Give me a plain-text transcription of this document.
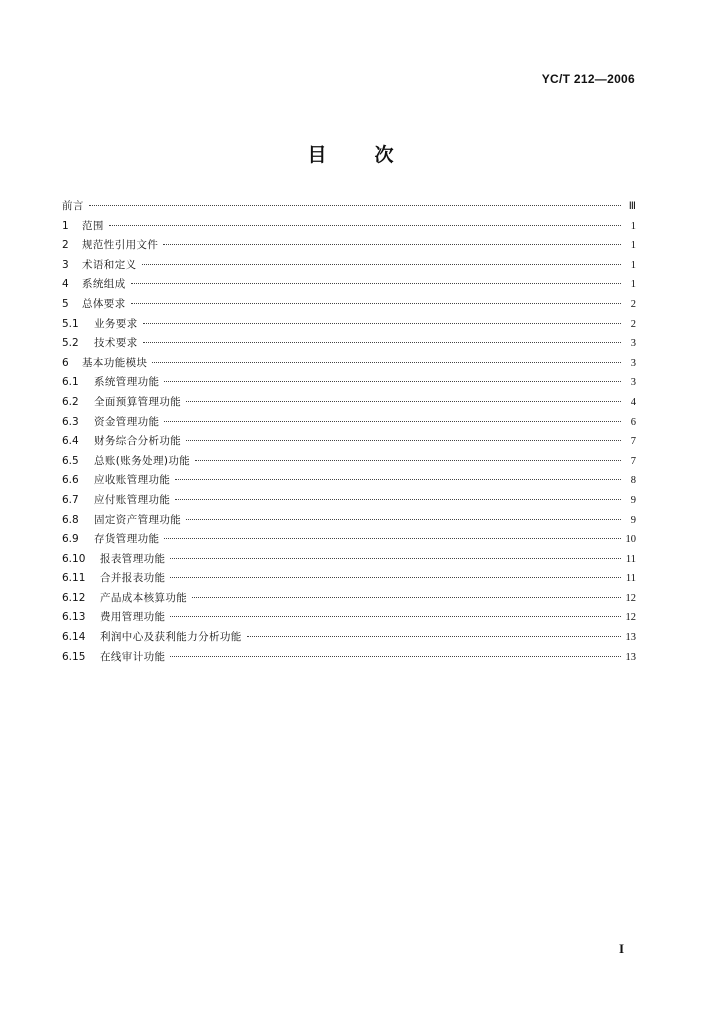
YC/T 212—2006
目	次
前言	Ⅲ
1	范围	1
2	规范性引用文件	1
3	术语和定义	1
4	系统组成	1
5	总体要求	2
5.1	业务要求	2
5.2	技术要求	3
6	基本功能模块	3
6.1	系统管理功能	3
6.2	全面预算管理功能	4
6.3	资金管理功能	6
6.4	财务综合分析功能	7
6.5	总账(账务处理)功能	7
6.6	应收账管理功能	8
6.7	应付账管理功能	9
6.8	固定资产管理功能	9
6.9	存货管理功能	10
6.10	报表管理功能	11
6.11	合并报表功能	11
6.12	产品成本核算功能	12
6.13	费用管理功能	12
6.14	利润中心及获利能力分析功能	13
6.15	在线审计功能	13
I
